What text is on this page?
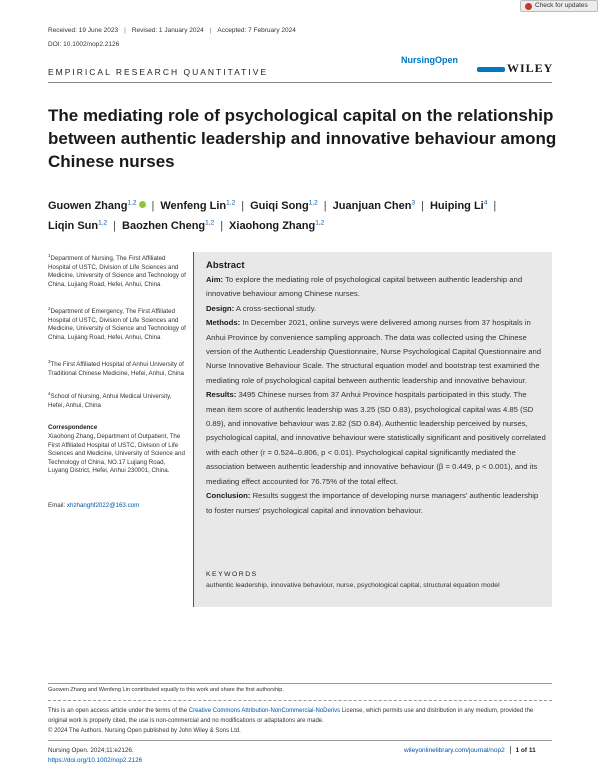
Check for updates
Received: 19 June 2023 | Revised: 1 January 2024 | Accepted: 7 February 2024
DOI: 10.1002/nop2.2126
EMPIRICAL RESEARCH QUANTITATIVE
NursingOpen
WILEY
The mediating role of psychological capital on the relationship between authentic leadership and innovative behaviour among Chinese nurses
Guowen Zhang$^{1,2}$ | Wenfeng Lin$^{1,2}$ | Guiqi Song$^{1,2}$ | Juanjuan Chen$^3$ | Huiping Li$^4$ |
Liqin Sun$^{1,2}$ | Baozhen Cheng$^{1,2}$ | Xiaohong Zhang$^{1,2}$
$^1$Department of Nursing, The First Affiliated Hospital of USTC, Division of Life Sciences and Medicine, University of Science and Technology of China, Lujiang Road, Hefei, Anhui, China
$^2$Department of Emergency, The First Affiliated Hospital of USTC, Division of Life Sciences and Medicine, University of Science and Technology of China, Lujiang Road, Hefei, Anhui, China
$^3$The First Affiliated Hospital of Anhui University of Traditional Chinese Medicine, Hefei, Anhui, China
$^4$School of Nursing, Anhui Medical University, Hefei, Anhui, China
Correspondence
Xiaohong Zhang, Department of Outpatient, The First Affiliated Hospital of USTC, Division of Life Sciences and Medicine, University of Science and Technology of China, NO.17 Lujiang Road, Luyang District, Hefei, Anhui 230001, China.
Email: xhzhanghf2022@163.com
Abstract
Aim: To explore the mediating role of psychological capital between authentic leadership and innovative behaviour among Chinese nurses.
Design: A cross-sectional study.
Methods: In December 2021, online surveys were delivered among nurses from 37 hospitals in Anhui Province by convenience sampling approach. The data was collected using the Chinese version of the Authentic Leadership Questionnaire, Nurse Psychological Capital Questionnaire and Nurse Innovative Behaviour Scale. The structural equation model and bootstrap test examined the mediating role of psychological capital between authentic leadership and innovative behaviour.
Results: 3495 Chinese nurses from 37 Anhui Province hospitals participated in this study. The mean item score of authentic leadership was 3.25 (SD 0.83), psychological capital was 4.85 (SD 0.89), and innovative behaviour was 2.82 (SD 0.84). Authentic leadership perceived by nurses, psychological capital, and innovative behaviour were statistically significant and positively correlated with each other (r = 0.524–0.806, p < 0.01). Psychological capital significantly mediated the association between authentic leadership and innovative behaviour (β = 0.449, p < 0.001), and its mediating effect accounted for 76.75% of the total effect.
Conclusion: Results suggest the importance of developing nurse managers' authentic leadership to foster nurses' psychological capital and innovation behaviour.
KEYWORDS
authentic leadership, innovative behaviour, nurse, psychological capital, structural equation model
Guowen Zhang and Wenfeng Lin contributed equally to this work and share the first authorship.
This is an open access article under the terms of the Creative Commons Attribution-NonCommercial-NoDerivs License, which permits use and distribution in any medium, provided the original work is properly cited, the use is non-commercial and no modifications or adaptations are made.
© 2024 The Authors. Nursing Open published by John Wiley & Sons Ltd.
Nursing Open. 2024;11:e2126.
https://doi.org/10.1002/nop2.2126
wileyonlinelibrary.com/journal/nop2 1 of 11
